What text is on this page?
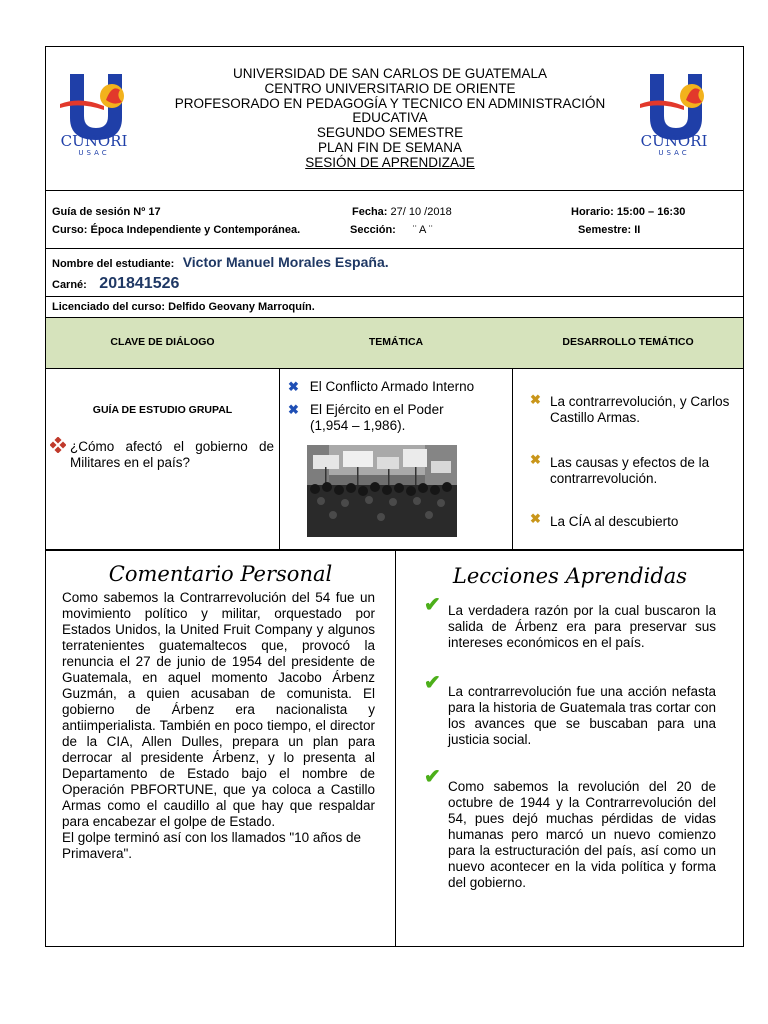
CUNORI
USAC
CUNORI
USAC
UNIVERSIDAD DE SAN CARLOS DE GUATEMALA
CENTRO UNIVERSITARIO DE ORIENTE
PROFESORADO EN PEDAGOGÍA Y TECNICO EN ADMINISTRACIÓN
EDUCATIVA
SEGUNDO SEMESTRE
PLAN FIN DE SEMANA
SESIÓN DE APRENDIZAJE
Guía de sesión Nº 17
Curso: Época Independiente y Contemporánea.
Fecha: 27/ 10 /2018
Sección: ¨ A ¨
Horario: 15:00 – 16:30
Semestre: II
Nombre del estudiante: Victor Manuel Morales España.
Carné: 201841526
Licenciado del curso: Delfido Geovany Marroquín.
CLAVE DE DIÁLOGO	TEMÁTICA	DESARROLLO TEMÁTICO
GUÍA DE ESTUDIO GRUPAL
¿Cómo afectó el gobierno de Militares en el país?
✖ El Conflicto Armado Interno
✖ El Ejército en el Poder (1,954 – 1,986).
✖ La contrarrevolución, y Carlos Castillo Armas.
✖ Las causas y efectos de la contrarrevolución.
✖ La CÍA al descubierto
Comentario Personal
Como sabemos la Contrarrevolución del 54 fue un movimiento político y militar, orquestado por Estados Unidos, la United Fruit Company y algunos terratenientes guatemaltecos que, provocó la renuncia el 27 de junio de 1954 del presidente de Guatemala, en aquel momento Jacobo Árbenz Guzmán, a quien acusaban de comunista. El gobierno de Árbenz era nacionalista y antiimperialista. También en poco tiempo, el director de la CIA, Allen Dulles, prepara un plan para derrocar al presidente Árbenz, y lo presenta al Departamento de Estado bajo el nombre de Operación PBFORTUNE, que ya coloca a Castillo Armas como el caudillo al que hay que respaldar para encabezar el golpe de Estado.
El golpe terminó así con los llamados "10 años de Primavera".
Lecciones Aprendidas
✔ La verdadera razón por la cual buscaron la salida de Árbenz era para preservar sus intereses económicos en el país.
✔ La contrarrevolución fue una acción nefasta para la historia de Guatemala tras cortar con los avances que se buscaban para una justicia social.
✔ Como sabemos la revolución del 20 de octubre de 1944 y la Contrarrevolución del 54, pues dejó muchas pérdidas de vidas humanas pero marcó un nuevo comienzo para la estructuración del país, así como un nuevo acontecer en la vida política y forma del gobierno.
